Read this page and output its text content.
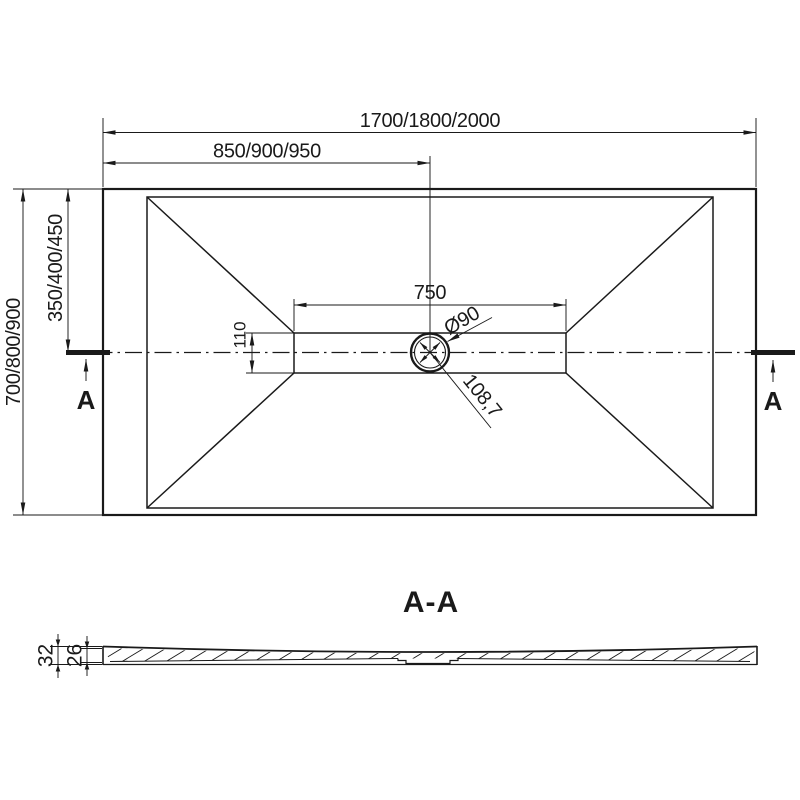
A	A
1700/1800/2000
850/900/950
700/800/900
350/400/450	750
110	Ø90
108,7
A-A
32 26
